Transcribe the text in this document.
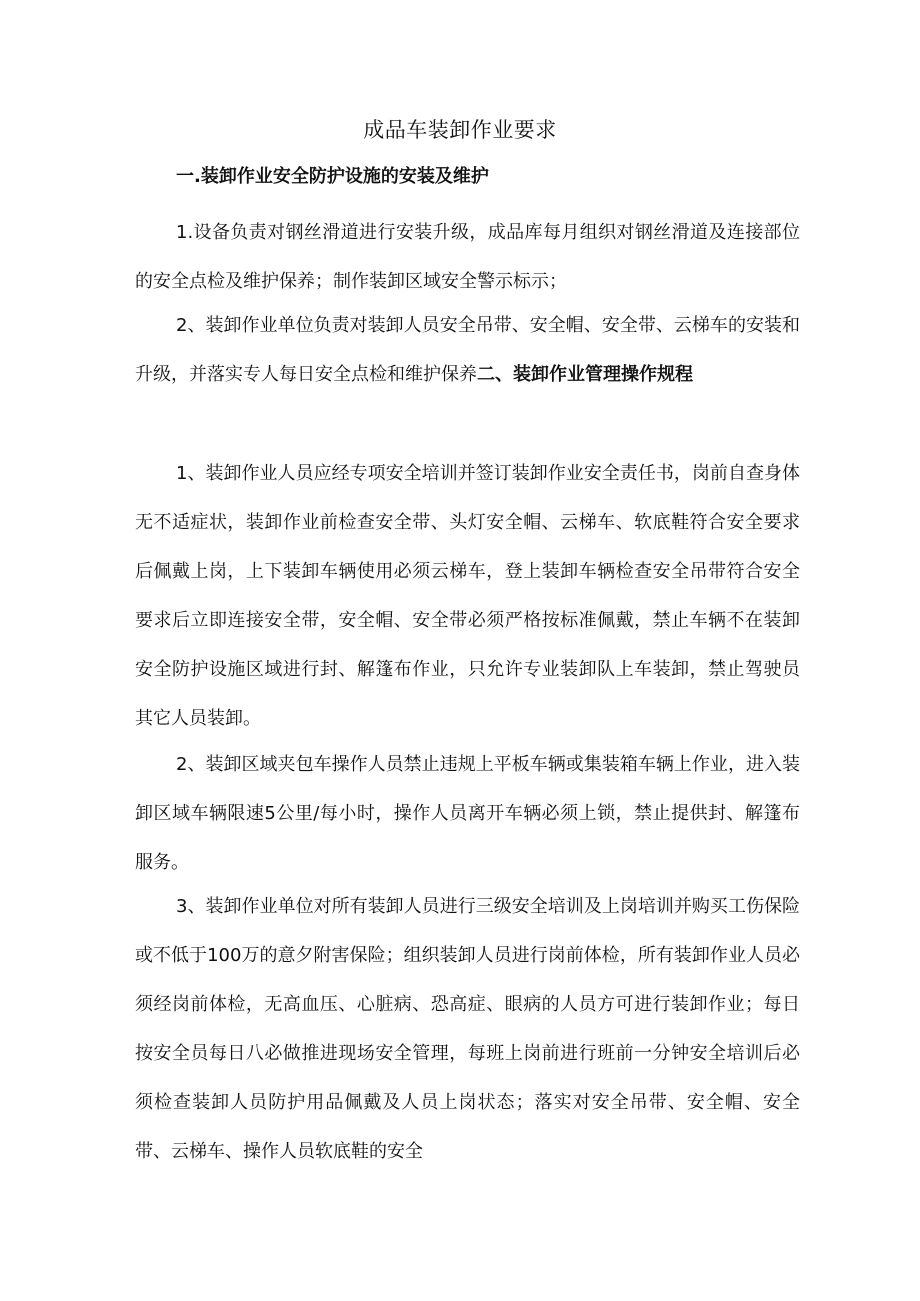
成品车装卸作业要求
一.装卸作业安全防护设施的安装及维护
1.设备负责对钢丝滑道进行安装升级，成品库每月组织对钢丝滑道及连接部位的安全点检及维护保养；制作装卸区域安全警示标示；
2、装卸作业单位负责对装卸人员安全吊带、安全帽、安全带、云梯车的安装和升级，并落实专人每日安全点检和维护保养二、装卸作业管理操作规程
1、装卸作业人员应经专项安全培训并签订装卸作业安全责任书，岗前自查身体无不适症状，装卸作业前检查安全带、头灯安全帽、云梯车、软底鞋符合安全要求后佩戴上岗，上下装卸车辆使用必须云梯车，登上装卸车辆检查安全吊带符合安全要求后立即连接安全带，安全帽、安全带必须严格按标准佩戴，禁止车辆不在装卸安全防护设施区域进行封、解篷布作业，只允许专业装卸队上车装卸，禁止驾驶员其它人员装卸。
2、装卸区域夹包车操作人员禁止违规上平板车辆或集装箱车辆上作业，进入装卸区域车辆限速5公里/每小时，操作人员离开车辆必须上锁，禁止提供封、解篷布服务。
3、装卸作业单位对所有装卸人员进行三级安全培训及上岗培训并购买工伤保险或不低于100万的意夕附害保险；组织装卸人员进行岗前体检，所有装卸作业人员必须经岗前体检，无高血压、心脏病、恐高症、眼病的人员方可进行装卸作业；每日按安全员每日八必做推进现场安全管理，每班上岗前进行班前一分钟安全培训后必须检查装卸人员防护用品佩戴及人员上岗状态；落实对安全吊带、安全帽、安全带、云梯车、操作人员软底鞋的安全
